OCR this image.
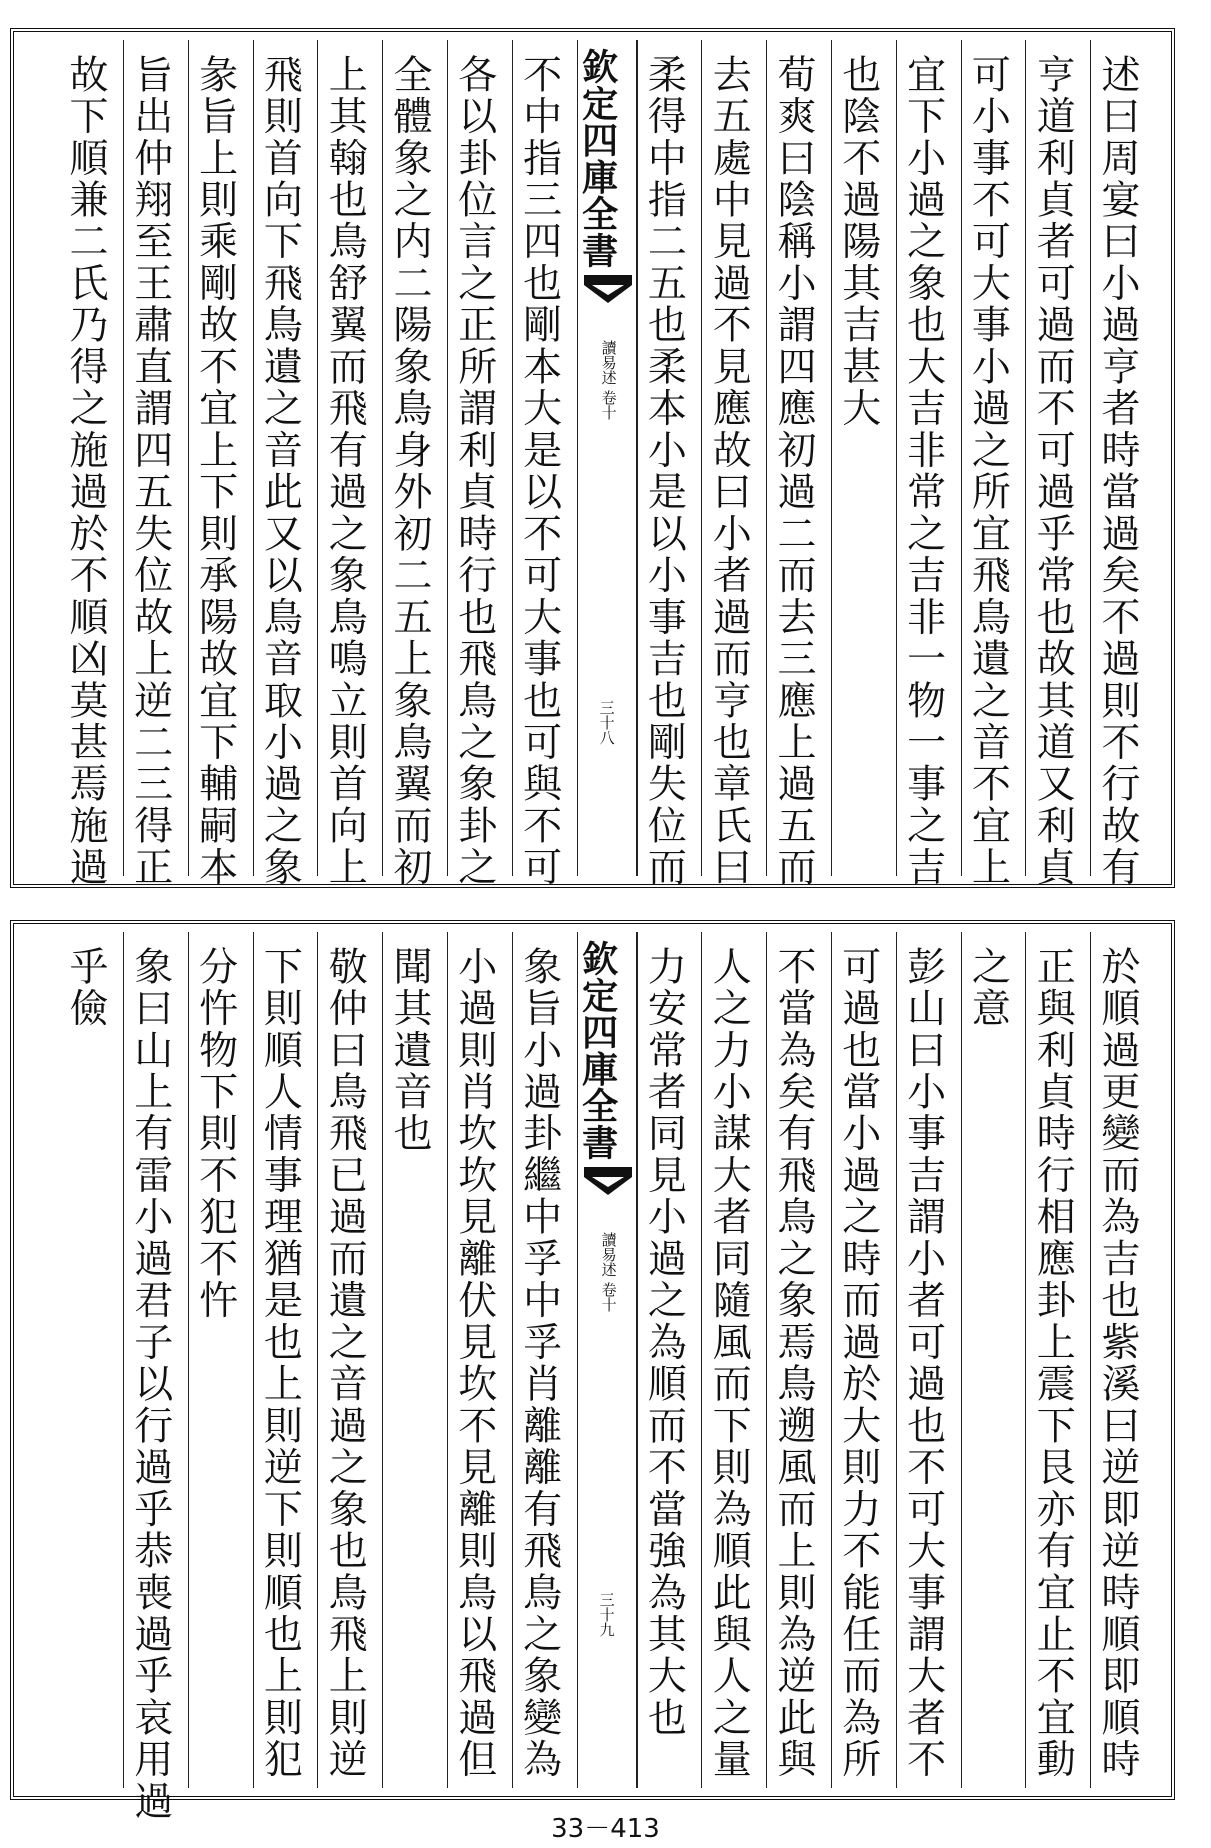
述曰周宴曰小過亨者時當過矣不過則不行故有
亨道利貞者可過而不可過乎常也故其道又利貞
可小事不可大事小過之所宜飛鳥遺之音不宜上
宜下小過之象也大吉非常之吉非一物一事之吉
也陰不過陽其吉甚大
荀爽曰陰稱小謂四應初過二而去三應上過五而
去五處中見過不見應故曰小者過而亨也章氏曰
柔得中指二五也柔本小是以小事吉也剛失位而
欽定四庫全書
讀易述 卷十
三十八
不中指三四也剛本大是以不可大事也可與不可
各以卦位言之正所謂利貞時行也飛鳥之象卦之
全體象之内二陽象鳥身外初二五上象鳥翼而初
上其翰也鳥舒翼而飛有過之象鳥鳴立則首向上
飛則首向下飛鳥遺之音此又以鳥音取小過之象
彖旨上則乘剛故不宜上下則承陽故宜下輔嗣本
旨出仲翔至王肅直謂四五失位故上逆二三得正
故下順兼二氏乃得之施過於不順凶莫甚焉施過
於順過更變而為吉也紫溪曰逆即逆時順即順時
正與利貞時行相應卦上震下艮亦有宜止不宜動
之意
彭山曰小事吉謂小者可過也不可大事謂大者不
可過也當小過之時而過於大則力不能任而為所
不當為矣有飛鳥之象焉鳥遡風而上則為逆此與
人之力小謀大者同隨風而下則為順此與人之量
力安常者同見小過之為順而不當強為其大也
欽定四庫全書
讀易述 卷十
三十九
象旨小過卦繼中孚中孚肖離離有飛鳥之象變為
小過則肖坎坎見離伏見坎不見離則鳥以飛過但
聞其遺音也
敬仲曰鳥飛已過而遺之音過之象也鳥飛上則逆
下則順人情事理猶是也上則逆下則順也上則犯
分忤物下則不犯不忤
象曰山上有雷小過君子以行過乎恭喪過乎哀用過
乎儉
33－413
